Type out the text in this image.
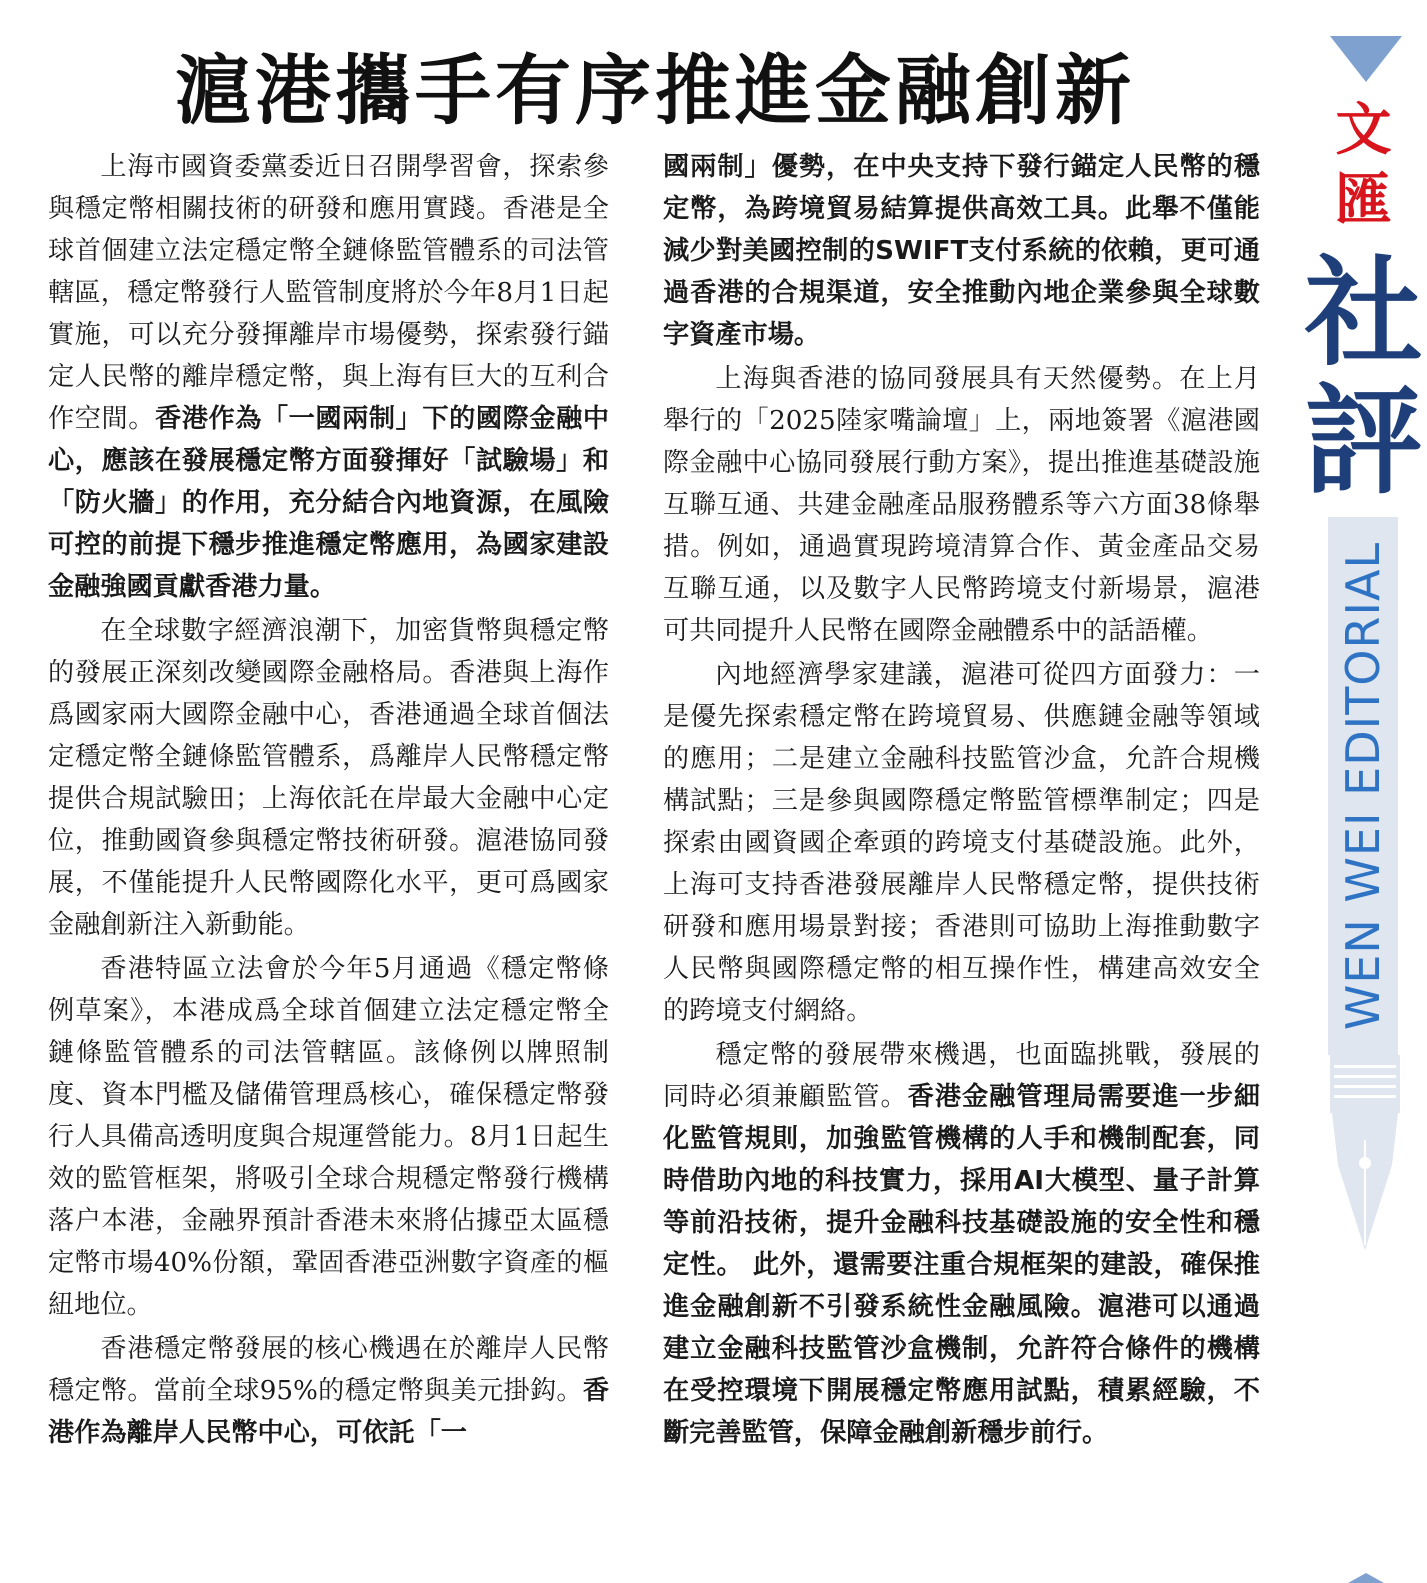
滬港攜手有序推進金融創新

上海市國資委黨委近日召開學習會，探索參與穩定幣相關技術的研發和應用實踐。香港是全球首個建立法定穩定幣全鏈條監管體系的司法管轄區，穩定幣發行人監管制度將於今年8月1日起實施，可以充分發揮離岸市場優勢，探索發行錨定人民幣的離岸穩定幣，與上海有巨大的互利合作空間。香港作為「一國兩制」下的國際金融中心，應該在發展穩定幣方面發揮好「試驗場」和「防火牆」的作用，充分結合內地資源，在風險可控的前提下穩步推進穩定幣應用，為國家建設金融強國貢獻香港力量。

在全球數字經濟浪潮下，加密貨幣與穩定幣的發展正深刻改變國際金融格局。香港與上海作爲國家兩大國際金融中心，香港通過全球首個法定穩定幣全鏈條監管體系，爲離岸人民幣穩定幣提供合規試驗田；上海依託在岸最大金融中心定位，推動國資參與穩定幣技術研發。滬港協同發展，不僅能提升人民幣國際化水平，更可爲國家金融創新注入新動能。

香港特區立法會於今年5月通過《穩定幣條例草案》，本港成爲全球首個建立法定穩定幣全鏈條監管體系的司法管轄區。該條例以牌照制度、資本門檻及儲備管理爲核心，確保穩定幣發行人具備高透明度與合規運營能力。8月1日起生效的監管框架，將吸引全球合規穩定幣發行機構落户本港，金融界預計香港未來將佔據亞太區穩定幣市場40%份額，鞏固香港亞洲數字資產的樞紐地位。

香港穩定幣發展的核心機遇在於離岸人民幣穩定幣。當前全球95%的穩定幣與美元掛鈎。香港作為離岸人民幣中心，可依託「一

國兩制」優勢，在中央支持下發行錨定人民幣的穩定幣，為跨境貿易結算提供高效工具。此舉不僅能減少對美國控制的SWIFT支付系統的依賴，更可通過香港的合規渠道，安全推動內地企業參與全球數字資產市場。

上海與香港的協同發展具有天然優勢。在上月舉行的「2025陸家嘴論壇」上，兩地簽署《滬港國際金融中心協同發展行動方案》，提出推進基礎設施互聯互通、共建金融產品服務體系等六方面38條舉措。例如，通過實現跨境清算合作、黃金產品交易互聯互通，以及數字人民幣跨境支付新場景，滬港可共同提升人民幣在國際金融體系中的話語權。

內地經濟學家建議，滬港可從四方面發力：一是優先探索穩定幣在跨境貿易、供應鏈金融等領域的應用；二是建立金融科技監管沙盒，允許合規機構試點；三是參與國際穩定幣監管標準制定；四是探索由國資國企牽頭的跨境支付基礎設施。此外，上海可支持香港發展離岸人民幣穩定幣，提供技術研發和應用場景對接；香港則可協助上海推動數字人民幣與國際穩定幣的相互操作性，構建高效安全的跨境支付網絡。

穩定幣的發展帶來機遇，也面臨挑戰，發展的同時必須兼顧監管。香港金融管理局需要進一步細化監管規則，加強監管機構的人手和機制配套，同時借助內地的科技實力，採用AI大模型、量子計算等前沿技術，提升金融科技基礎設施的安全性和穩定性。 此外，還需要注重合規框架的建設，確保推進金融創新不引發系統性金融風險。滬港可以通過建立金融科技監管沙盒機制，允許符合條件的機構在受控環境下開展穩定幣應用試點，積累經驗，不斷完善監管，保障金融創新穩步前行。

文
匯
社
評
WEN WEI EDITORIAL
